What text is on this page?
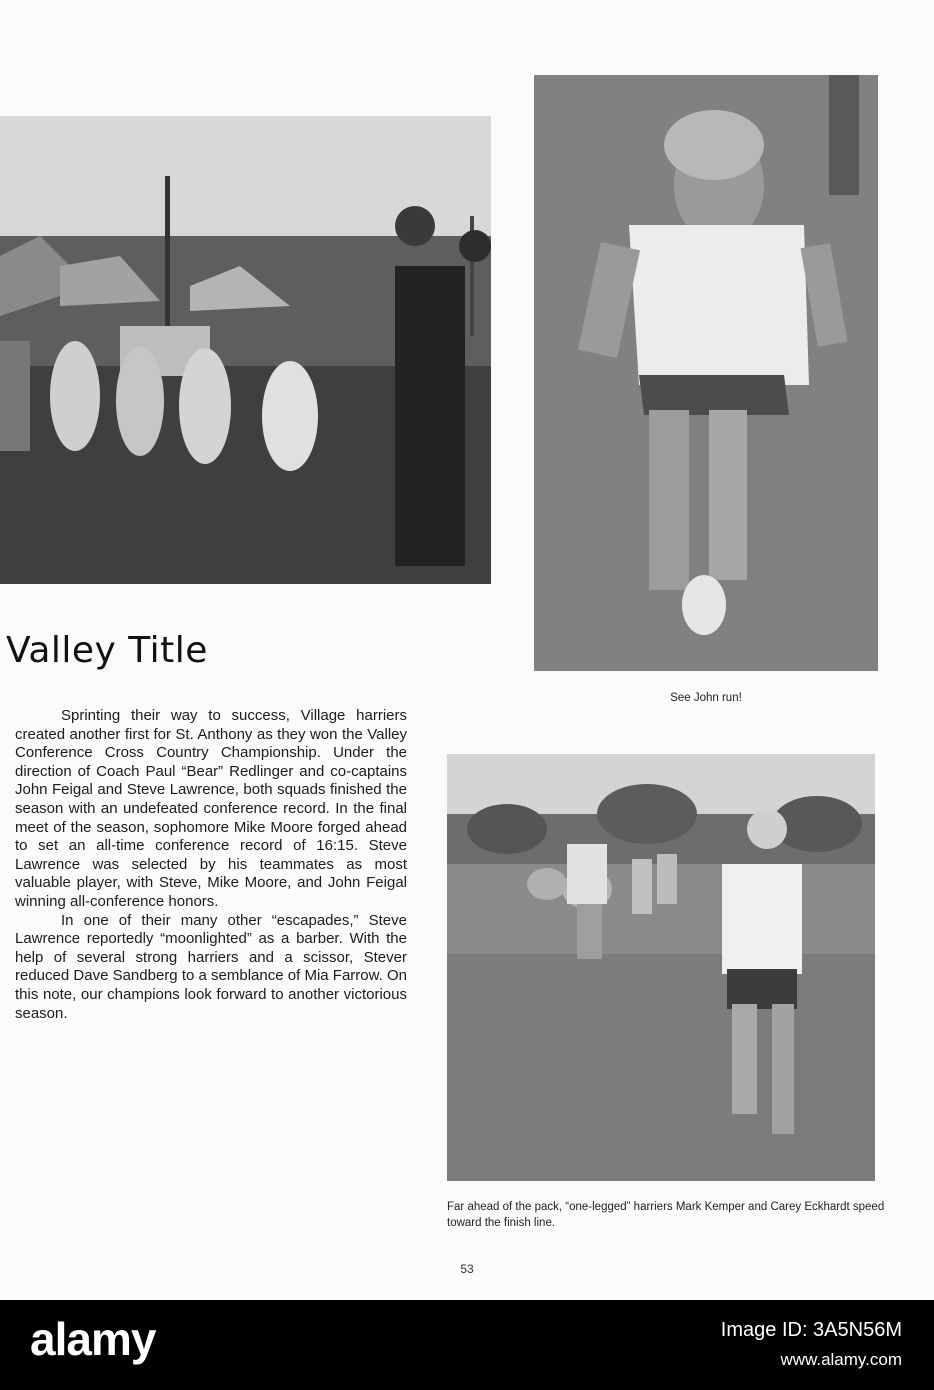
Valley Title
See John run!

Sprinting their way to success, Village harriers created another first for St. Anthony as they won the Valley Conference Cross Country Championship. Under the direction of Coach Paul “Bear” Redlinger and co-captains John Feigal and Steve Lawrence, both squads finished the season with an undefeated conference record. In the final meet of the season, sophomore Mike Moore forged ahead to set an all-time conference record of 16:15. Steve Lawrence was selected by his teammates as most valuable player, with Steve, Mike Moore, and John Feigal winning all-conference honors.

In one of their many other “escapades,” Steve Lawrence reportedly “moonlighted” as a barber. With the help of several strong harriers and a scissor, Stever reduced Dave Sandberg to a semblance of Mia Farrow. On this note, our champions look forward to another victorious season.

Far ahead of the pack, “one-legged” harriers Mark Kemper and Carey Eckhardt speed toward the finish line.
53
alamy	Image ID: 3A5N56M
www.alamy.com
